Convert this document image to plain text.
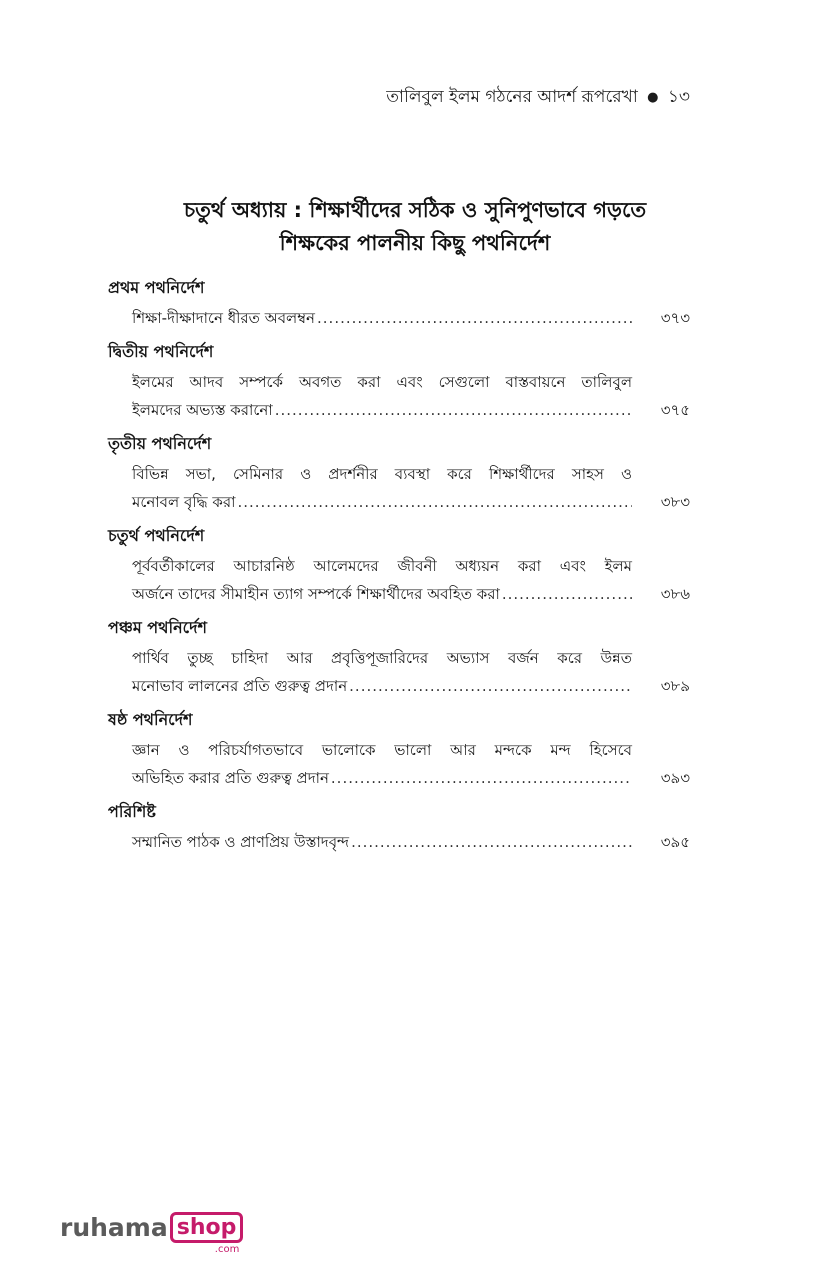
তালিবুল ইলম গঠনের আদর্শ রূপরেখা ● ১৩
চতুর্থ অধ্যায় : শিক্ষার্থীদের সঠিক ও সুনিপুণভাবে গড়তে
শিক্ষকের পালনীয় কিছু পথনির্দেশ
প্রথম পথনির্দেশ
শিক্ষা-দীক্ষাদানে ধীরত অবলম্বন .....	৩৭৩
দ্বিতীয় পথনির্দেশ
ইলমের আদব সম্পর্কে অবগত করা এবং সেগুলো বাস্তবায়নে তালিবুল
ইলমদের অভ্যস্ত করানো .....	৩৭৫
তৃতীয় পথনির্দেশ
বিভিন্ন সভা, সেমিনার ও প্রদর্শনীর ব্যবস্থা করে শিক্ষার্থীদের সাহস ও
মনোবল বৃদ্ধি করা .....	৩৮৩
চতুর্থ পথনির্দেশ
পূর্ববর্তীকালের আচারনিষ্ঠ আলেমদের জীবনী অধ্যয়ন করা এবং ইলম
অর্জনে তাদের সীমাহীন ত্যাগ সম্পর্কে শিক্ষার্থীদের অবহিত করা .....	৩৮৬
পঞ্চম পথনির্দেশ
পার্থিব তুচ্ছ চাহিদা আর প্রবৃত্তিপূজারিদের অভ্যাস বর্জন করে উন্নত
মনোভাব লালনের প্রতি গুরুত্ব প্রদান .....	৩৮৯
ষষ্ঠ পথনির্দেশ
জ্ঞান ও পরিচর্যাগতভাবে ভালোকে ভালো আর মন্দকে মন্দ হিসেবে
অভিহিত করার প্রতি গুরুত্ব প্রদান .....	৩৯৩
পরিশিষ্ট
সম্মানিত পাঠক ও প্রাণপ্রিয় উস্তাদবৃন্দ .....	৩৯৫
ruhama shop
.com
